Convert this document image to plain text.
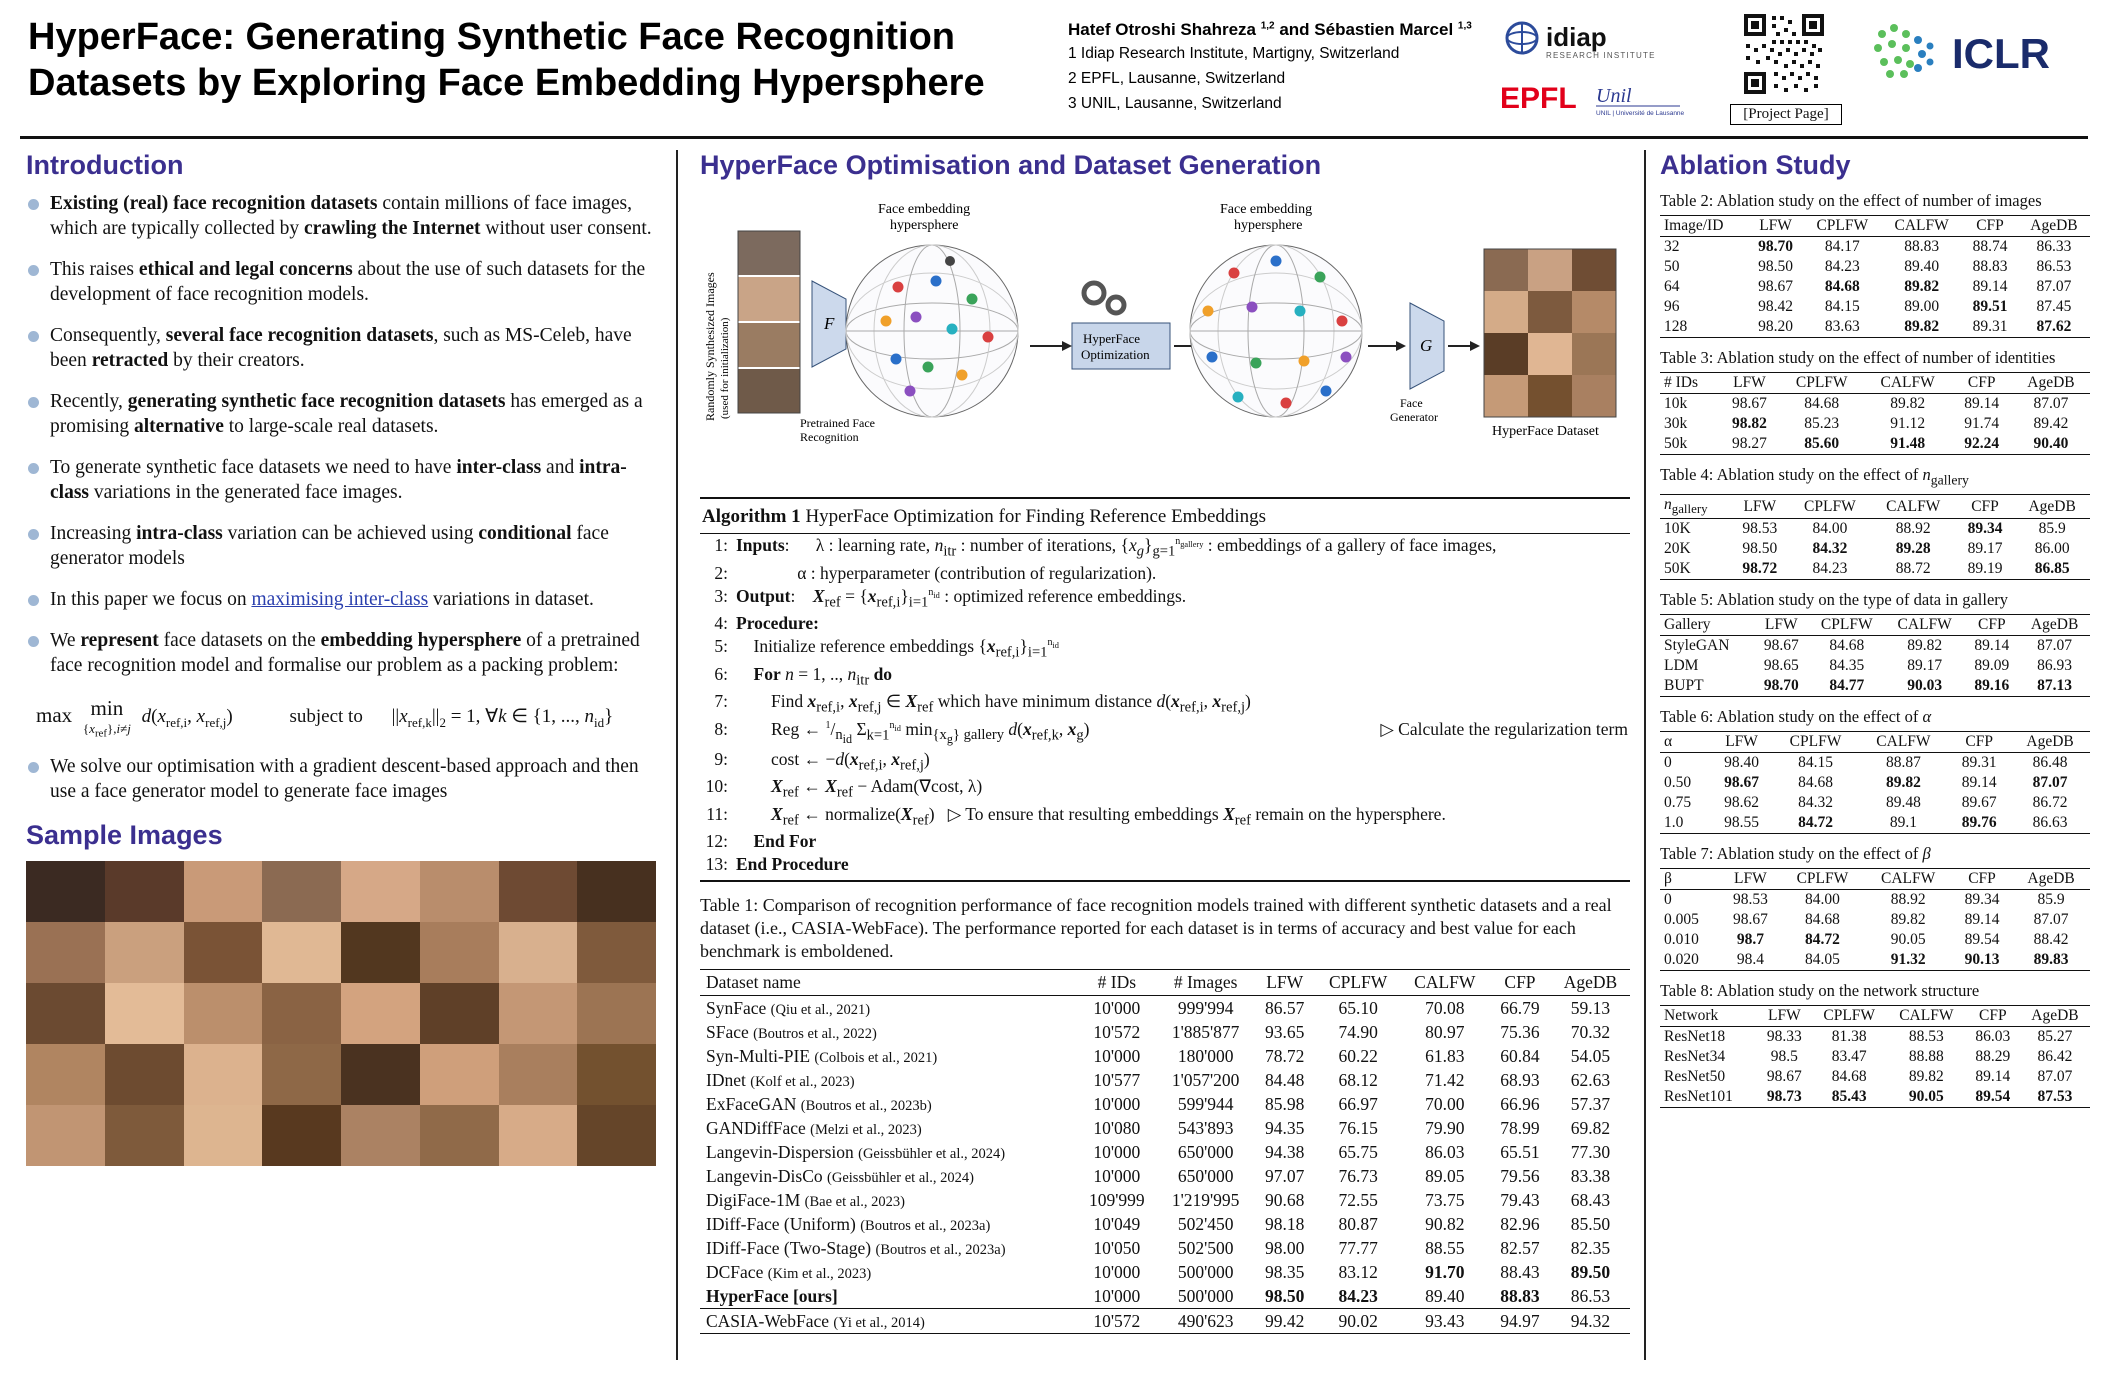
HyperFace: Generating Synthetic Face Recognition Datasets by Exploring Face Embedding Hypersphere
Hatef Otroshi Shahreza $^{1,2}$ and Sébastien Marcel $^{1,3}$
1 Idiap Research Institute, Martigny, Switzerland
2 EPFL, Lausanne, Switzerland
3 UNIL, Lausanne, Switzerland
idiap
RESEARCH INSTITUTE
EPFL Unil
UNIL | Université de Lausanne	[Project Page]
ICLR
Introduction
Existing (real) face recognition datasets contain millions of face images, which are typically collected by crawling the Internet without user consent.
This raises ethical and legal concerns about the use of such datasets for the development of face recognition models.
Consequently, several face recognition datasets, such as MS-Celeb, have been retracted by their creators.
Recently, generating synthetic face recognition datasets has emerged as a promising alternative to large-scale real datasets.
To generate synthetic face datasets we need to have inter-class and intra-class variations in the generated face images.
Increasing intra-class variation can be achieved using conditional face generator models
In this paper we focus on maximising inter-class variations in dataset.
We represent face datasets on the embedding hypersphere of a pretrained face recognition model and formalise our problem as a packing problem:
max min
$\{x_{ref}\},i\ne j$
$d(x_{ref,i}$, $x_{ref,j}$)	subject to $||x_{ref,k}||_2 = 1$, ∀k ∈ {1, ..., $n_{id}$}
We solve our optimisation with a gradient descent-based approach and then use a face generator model to generate face images
Sample Images
HyperFace Optimisation and Dataset Generation
Randomly Synthesized Images (used for initialization)	F
Pretrained Face
Recognition
Face embedding
hypersphere
HyperFace
Optimization
Face embedding
hypersphere
G
Face
Generator
HyperFace Dataset
Algorithm 1 HyperFace Optimization for Finding Reference Embeddings
1:	Inputs:      λ : learning rate, $n_{itr}$ : number of iterations, $\{x_g\}_{g=1}^{n_{gallery}}$ : embeddings of a gallery of face images,
2:	α : hyperparameter (contribution of regularization).
3:	Output:    $X_{ref} = \{x_{ref,i}\}_{i=1}^{n_{id}}$ : optimized reference embeddings.
4:	Procedure:
5:	Initialize reference embeddings $\{x_{ref,i}\}_{i=1}^{n_{id}}$
6:	For n = 1, .., $n_{itr}$ do
7:	Find $x_{ref,i}$, $x_{ref,j}$ ∈ $X_{ref}$ which have minimum distance $d(x_{ref,i}$, $x_{ref,j}$)
8:	Reg ← $^1/_{n_{id}}$ $\Sigma_{k=1}^{n_{id}}$ $\min_{\{x_g\} gallery} d(x_{ref,k}$, $x_g$) ▷ Calculate the regularization term

9:	cost ← $-d(x_{ref,i}$, $x_{ref,j}$)
10:	$X_{ref}$ ← $X_{ref}$ − Adam(∇cost, λ)
11:	$X_{ref}$ ← $normalize(X_{ref})$   ▷ To ensure that resulting embeddings $X_{ref}$ remain on the hypersphere.
12:	End For
13:	End Procedure
Table 1: Comparison of recognition performance of face recognition models trained with different synthetic datasets and a real dataset (i.e., CASIA-WebFace). The performance reported for each dataset is in terms of accuracy and best value for each benchmark is emboldened.
Dataset name	# IDs	# Images	LFW	CPLFW	CALFW	CFP	AgeDB
SynFace (Qiu et al., 2021)	10'000	999'994	86.57	65.10	70.08	66.79	59.13
SFace (Boutros et al., 2022)	10'572	1'885'877	93.65	74.90	80.97	75.36	70.32
Syn-Multi-PIE (Colbois et al., 2021)	10'000	180'000	78.72	60.22	61.83	60.84	54.05
IDnet (Kolf et al., 2023)	10'577	1'057'200	84.48	68.12	71.42	68.93	62.63
ExFaceGAN (Boutros et al., 2023b)	10'000	599'944	85.98	66.97	70.00	66.96	57.37
GANDiffFace (Melzi et al., 2023)	10'080	543'893	94.35	76.15	79.90	78.99	69.82
Langevin-Dispersion (Geissbühler et al., 2024)	10'000	650'000	94.38	65.75	86.03	65.51	77.30
Langevin-DisCo (Geissbühler et al., 2024)	10'000	650'000	97.07	76.73	89.05	79.56	83.38
DigiFace-1M (Bae et al., 2023)	109'999	1'219'995	90.68	72.55	73.75	79.43	68.43
IDiff-Face (Uniform) (Boutros et al., 2023a)	10'049	502'450	98.18	80.87	90.82	82.96	85.50
IDiff-Face (Two-Stage) (Boutros et al., 2023a)	10'050	502'500	98.00	77.77	88.55	82.57	82.35
DCFace (Kim et al., 2023)	10'000	500'000	98.35	83.12	91.70	88.43	89.50
HyperFace [ours]	10'000	500'000	98.50	84.23	89.40	88.83	86.53
CASIA-WebFace (Yi et al., 2014)	10'572	490'623	99.42	90.02	93.43	94.97	94.32
Ablation Study
Table 2: Ablation study on the effect of number of images
Image/ID	LFW	CPLFW	CALFW	CFP	AgeDB
32	98.70	84.17	88.83	88.74	86.33
50	98.50	84.23	89.40	88.83	86.53
64	98.67	84.68	89.82	89.14	87.07
96	98.42	84.15	89.00	89.51	87.45
128	98.20	83.63	89.82	89.31	87.62
Table 3: Ablation study on the effect of number of identities
# IDs	LFW	CPLFW	CALFW	CFP	AgeDB
10k	98.67	84.68	89.82	89.14	87.07
30k	98.82	85.23	91.12	91.74	89.42
50k	98.27	85.60	91.48	92.24	90.40
Table 4: Ablation study on the effect of $n_{gallery}$
$n_{gallery}$	LFW	CPLFW	CALFW	CFP	AgeDB
10K	98.53	84.00	88.92	89.34	85.9
20K	98.50	84.32	89.28	89.17	86.00
50K	98.72	84.23	88.72	89.19	86.85
Table 5: Ablation study on the type of data in gallery
Gallery	LFW	CPLFW	CALFW	CFP	AgeDB
StyleGAN	98.67	84.68	89.82	89.14	87.07
LDM	98.65	84.35	89.17	89.09	86.93
BUPT	98.70	84.77	90.03	89.16	87.13
Table 6: Ablation study on the effect of α
α	LFW	CPLFW	CALFW	CFP	AgeDB
0	98.40	84.15	88.87	89.31	86.48
0.50	98.67	84.68	89.82	89.14	87.07
0.75	98.62	84.32	89.48	89.67	86.72
1.0	98.55	84.72	89.1	89.76	86.63
Table 7: Ablation study on the effect of β
β	LFW	CPLFW	CALFW	CFP	AgeDB
0	98.53	84.00	88.92	89.34	85.9
0.005	98.67	84.68	89.82	89.14	87.07
0.010	98.7	84.72	90.05	89.54	88.42
0.020	98.4	84.05	91.32	90.13	89.83
Table 8: Ablation study on the network structure
Network	LFW	CPLFW	CALFW	CFP	AgeDB
ResNet18	98.33	81.38	88.53	86.03	85.27
ResNet34	98.5	83.47	88.88	88.29	86.42
ResNet50	98.67	84.68	89.82	89.14	87.07
ResNet101	98.73	85.43	90.05	89.54	87.53
